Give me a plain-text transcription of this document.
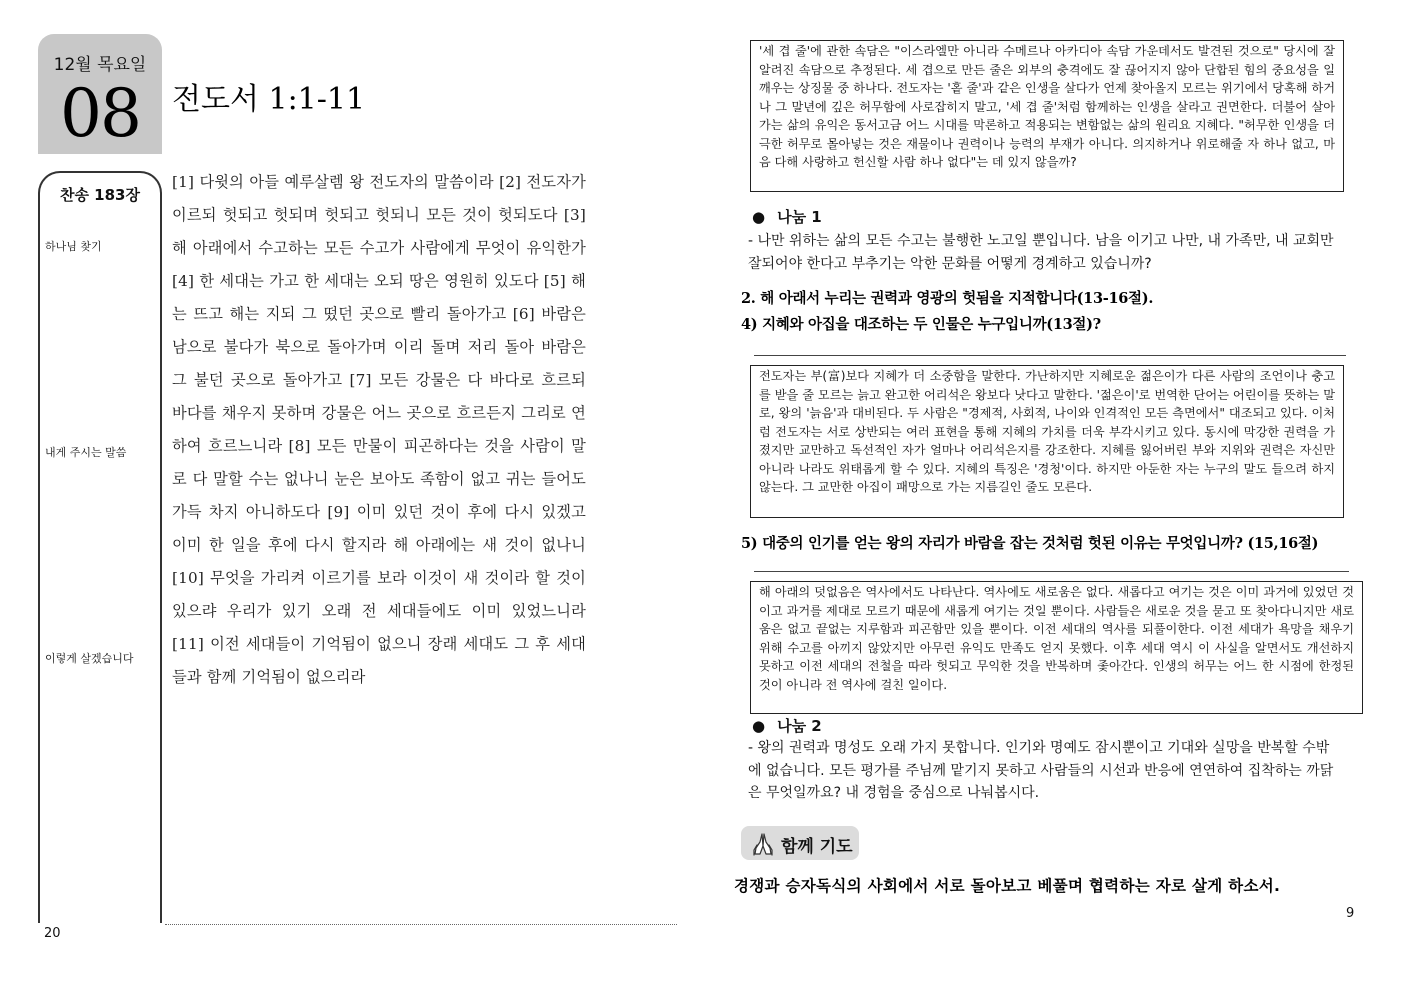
12월 목요일
08	전도서 1:1-11
찬송 183장
하나님 찾기
내게 주시는 말씀
이렇게 살겠습니다
[1] 다윗의 아들 예루살렘 왕 전도자의 말씀이라 [2] 전도자가 이르되 헛되고 헛되며 헛되고 헛되니 모든 것이 헛되도다 [3] 해 아래에서 수고하는 모든 수고가 사람에게 무엇이 유익한가 [4] 한 세대는 가고 한 세대는 오되 땅은 영원히 있도다 [5] 해는 뜨고 해는 지되 그 떴던 곳으로 빨리 돌아가고 [6] 바람은 남으로 불다가 북으로 돌아가며 이리 돌며 저리 돌아 바람은 그 불던 곳으로 돌아가고 [7] 모든 강물은 다 바다로 흐르되 바다를 채우지 못하며 강물은 어느 곳으로 흐르든지 그리로 연하여 흐르느니라 [8] 모든 만물이 피곤하다는 것을 사람이 말로 다 말할 수는 없나니 눈은 보아도 족함이 없고 귀는 들어도 가득 차지 아니하도다 [9] 이미 있던 것이 후에 다시 있겠고 이미 한 일을 후에 다시 할지라 해 아래에는 새 것이 없나니 [10] 무엇을 가리켜 이르기를 보라 이것이 새 것이라 할 것이 있으랴 우리가 있기 오래 전 세대들에도 이미 있었느니라 [11] 이전 세대들이 기억됨이 없으니 장래 세대도 그 후 세대들과 함께 기억됨이 없으리라
20
'세 겹 줄'에 관한 속담은 "이스라엘만 아니라 수메르나 아카디아 속담 가운데서도 발견된 것으로" 당시에 잘 알려진 속담으로 추정된다. 세 겹으로 만든 줄은 외부의 충격에도 잘 끊어지지 않아 단합된 힘의 중요성을 일깨우는 상징물 중 하나다. 전도자는 '홑 줄'과 같은 인생을 살다가 언제 찾아올지 모르는 위기에서 당혹해 하거나 그 말년에 깊은 허무함에 사로잡히지 말고, '세 겹 줄'처럼 함께하는 인생을 살라고 권면한다. 더불어 살아가는 삶의 유익은 동서고금 어느 시대를 막론하고 적용되는 변함없는 삶의 원리요 지혜다. "허무한 인생을 더 극한 허무로 몰아넣는 것은 재물이나 권력이나 능력의 부재가 아니다. 의지하거나 위로해줄 자 하나 없고, 마음 다해 사랑하고 헌신할 사람 하나 없다"는 데 있지 않을까?
● 나눔 1
- 나만 위하는 삶의 모든 수고는 불행한 노고일 뿐입니다. 남을 이기고 나만, 내 가족만, 내 교회만 잘되어야 한다고 부추기는 악한 문화를 어떻게 경계하고 있습니까?
2. 해 아래서 누리는 권력과 영광의 헛됨을 지적합니다(13-16절).
4) 지혜와 아집을 대조하는 두 인물은 누구입니까(13절)?
전도자는 부(富)보다 지혜가 더 소중함을 말한다. 가난하지만 지혜로운 젊은이가 다른 사람의 조언이나 충고를 받을 줄 모르는 늙고 완고한 어리석은 왕보다 낫다고 말한다. '젊은이'로 번역한 단어는 어린이를 뜻하는 말로, 왕의 '늙음'과 대비된다. 두 사람은 "경제적, 사회적, 나이와 인격적인 모든 측면에서" 대조되고 있다. 이처럼 전도자는 서로 상반되는 여러 표현을 통해 지혜의 가치를 더욱 부각시키고 있다. 동시에 막강한 권력을 가졌지만 교만하고 독선적인 자가 얼마나 어리석은지를 강조한다. 지혜를 잃어버린 부와 지위와 권력은 자신만 아니라 나라도 위태롭게 할 수 있다. 지혜의 특징은 '경청'이다. 하지만 아둔한 자는 누구의 말도 들으려 하지 않는다. 그 교만한 아집이 패망으로 가는 지름길인 줄도 모른다.
5) 대중의 인기를 얻는 왕의 자리가 바람을 잡는 것처럼 헛된 이유는 무엇입니까? (15,16절)
해 아래의 덧없음은 역사에서도 나타난다. 역사에도 새로움은 없다. 새롭다고 여기는 것은 이미 과거에 있었던 것이고 과거를 제대로 모르기 때문에 새롭게 여기는 것일 뿐이다. 사람들은 새로운 것을 묻고 또 찾아다니지만 새로움은 없고 끝없는 지루함과 피곤함만 있을 뿐이다. 이전 세대의 역사를 되풀이한다. 이전 세대가 욕망을 채우기 위해 수고를 아끼지 않았지만 아무런 유익도 만족도 얻지 못했다. 이후 세대 역시 이 사실을 알면서도 개선하지 못하고 이전 세대의 전철을 따라 헛되고 무익한 것을 반복하며 좇아간다. 인생의 허무는 어느 한 시점에 한정된 것이 아니라 전 역사에 걸친 일이다.
● 나눔 2
- 왕의 권력과 명성도 오래 가지 못합니다. 인기와 명예도 잠시뿐이고 기대와 실망을 반복할 수밖에 없습니다. 모든 평가를 주님께 맡기지 못하고 사람들의 시선과 반응에 연연하여 집착하는 까닭은 무엇일까요? 내 경험을 중심으로 나눠봅시다.
함께 기도
경쟁과 승자독식의 사회에서 서로 돌아보고 베풀며 협력하는 자로 살게 하소서.
9
